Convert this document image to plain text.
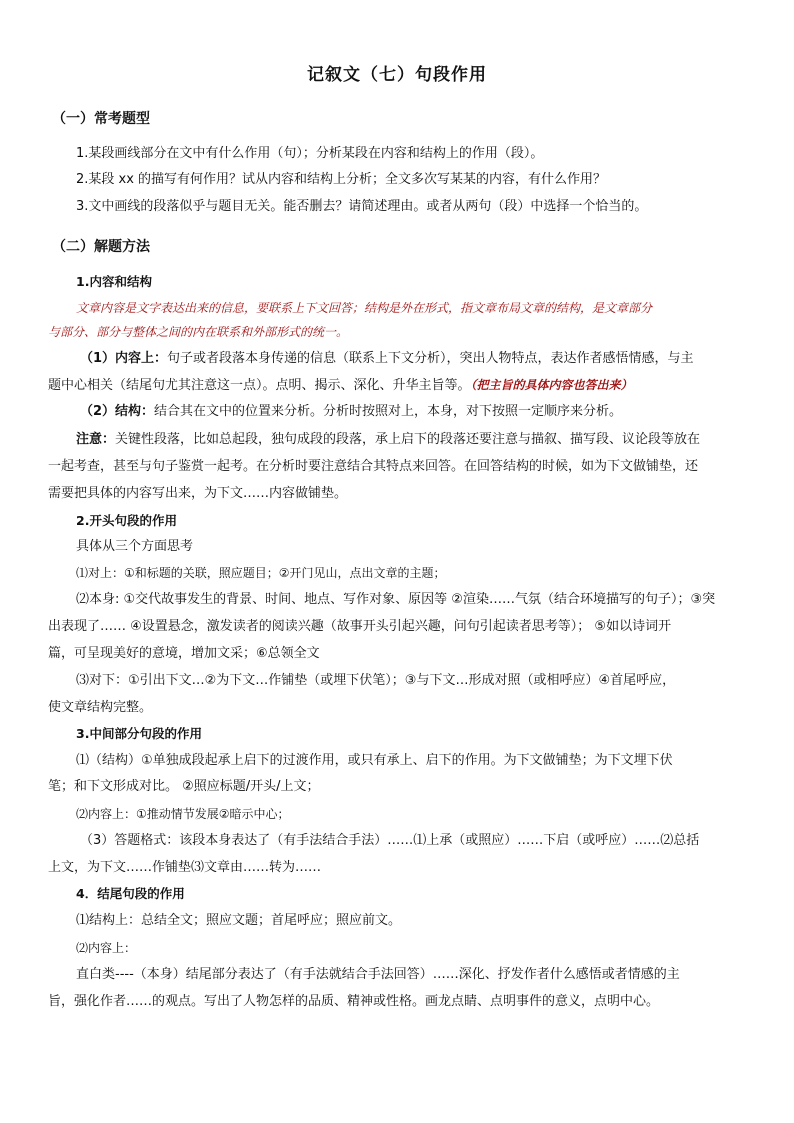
记叙文（七）句段作用
（一）常考题型
1.某段画线部分在文中有什么作用（句）；分析某段在内容和结构上的作用（段）。
2.某段 xx 的描写有何作用？试从内容和结构上分析；全文多次写某某的内容，有什么作用？
3.文中画线的段落似乎与题目无关。能否删去？请简述理由。或者从两句（段）中选择一个恰当的。
（二）解题方法
1.内容和结构
文章内容是文字表达出来的信息，要联系上下文回答；结构是外在形式，指文章布局文章的结构，是文章部分
与部分、部分与整体之间的内在联系和外部形式的统一。
（1）内容上：句子或者段落本身传递的信息（联系上下文分析），突出人物特点，表达作者感悟情感，与主
题中心相关（结尾句尤其注意这一点）。点明、揭示、深化、升华主旨等。（把主旨的具体内容也答出来）
（2）结构：结合其在文中的位置来分析。分析时按照对上，本身，对下按照一定顺序来分析。
注意：关键性段落，比如总起段，独句成段的段落，承上启下的段落还要注意与描叙、描写段、议论段等放在
一起考查，甚至与句子鉴赏一起考。在分析时要注意结合其特点来回答。在回答结构的时候，如为下文做铺垫，还
需要把具体的内容写出来，为下文……内容做铺垫。
2.开头句段的作用
具体从三个方面思考
⑴对上：①和标题的关联，照应题目；②开门见山，点出文章的主题；
⑵本身: ①交代故事发生的背景、时间、地点、写作对象、原因等 ②渲染……气氛（结合环境描写的句子）；③突
出表现了…… ④设置悬念，激发读者的阅读兴趣（故事开头引起兴趣，问句引起读者思考等）； ⑤如以诗词开
篇，可呈现美好的意境，增加文采；⑥总领全文
⑶对下：①引出下文…②为下文…作铺垫（或埋下伏笔）；③与下文…形成对照（或相呼应）④首尾呼应，
使文章结构完整。
3.中间部分句段的作用
⑴（结构）①单独成段起承上启下的过渡作用，或只有承上、启下的作用。为下文做铺垫；为下文埋下伏
笔；和下文形成对比。 ②照应标题/开头/上文；
⑵内容上：①推动情节发展②暗示中心；
（3）答题格式：该段本身表达了（有手法结合手法）……⑴上承（或照应）……下启（或呼应）……⑵总括
上文，为下文……作铺垫⑶文章由……转为……
4．结尾句段的作用
⑴结构上：总结全文；照应文题；首尾呼应；照应前文。
⑵内容上：
直白类----（本身）结尾部分表达了（有手法就结合手法回答）……深化、抒发作者什么感悟或者情感的主
旨，强化作者……的观点。写出了人物怎样的品质、精神或性格。画龙点睛、点明事件的意义，点明中心。
